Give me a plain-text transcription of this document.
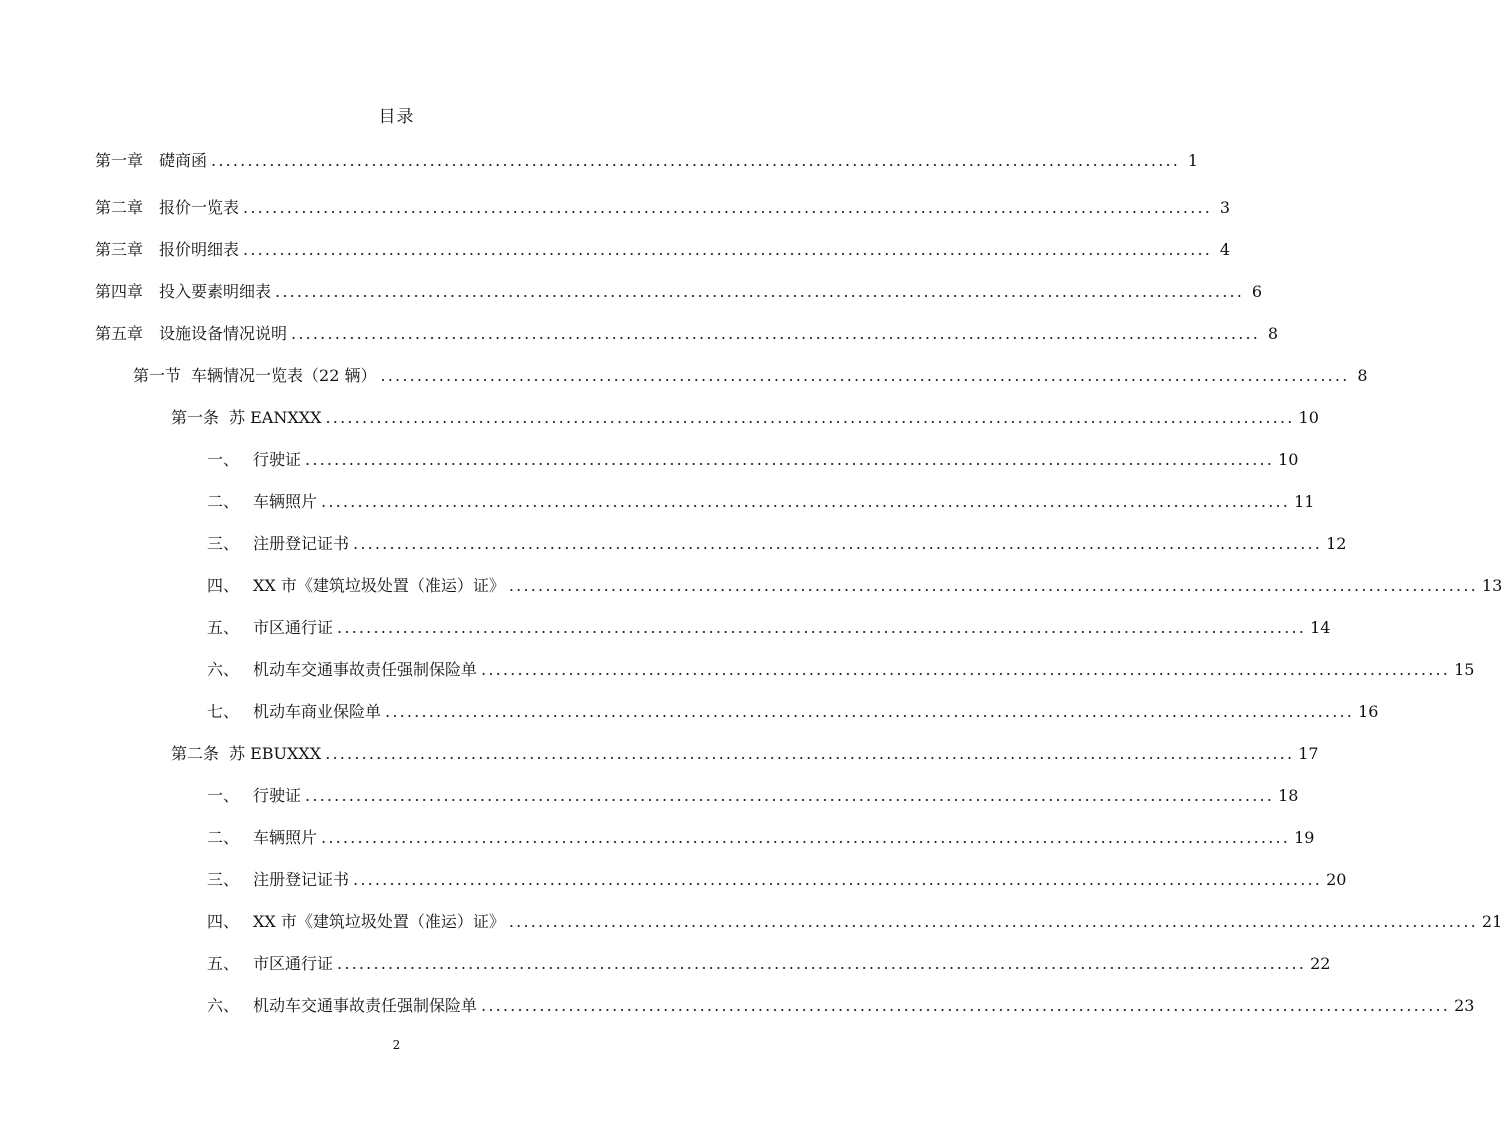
目录
第一章 礎商函 ..................................................................................................................................... 1
第二章 报价一览表 ..................................................................................................................................... 3
第三章 报价明细表 ..................................................................................................................................... 4
第四章 投入要素明细表 ..................................................................................................................................... 6
第五章 设施设备情况说明 ..................................................................................................................................... 8
第一节 车辆情况一览表（22 辆） ..................................................................................................................................... 8
第一条 苏 EANXXX ..................................................................................................................................... 10
一、 行驶证 ..................................................................................................................................... 10
二、 车辆照片 ..................................................................................................................................... 11
三、 注册登记证书 ..................................................................................................................................... 12
四、 XX 市《建筑垃圾处置（准运）证》 ..................................................................................................................................... 13
五、 市区通行证 ..................................................................................................................................... 14
六、 机动车交通事故责任强制保险单 ..................................................................................................................................... 15
七、 机动车商业保险单 ..................................................................................................................................... 16
第二条 苏 EBUXXX ..................................................................................................................................... 17
一、 行驶证 ..................................................................................................................................... 18
二、 车辆照片 ..................................................................................................................................... 19
三、 注册登记证书 ..................................................................................................................................... 20
四、 XX 市《建筑垃圾处置（准运）证》 ..................................................................................................................................... 21
五、 市区通行证 ..................................................................................................................................... 22
六、 机动车交通事故责任强制保险单 ..................................................................................................................................... 23
2
